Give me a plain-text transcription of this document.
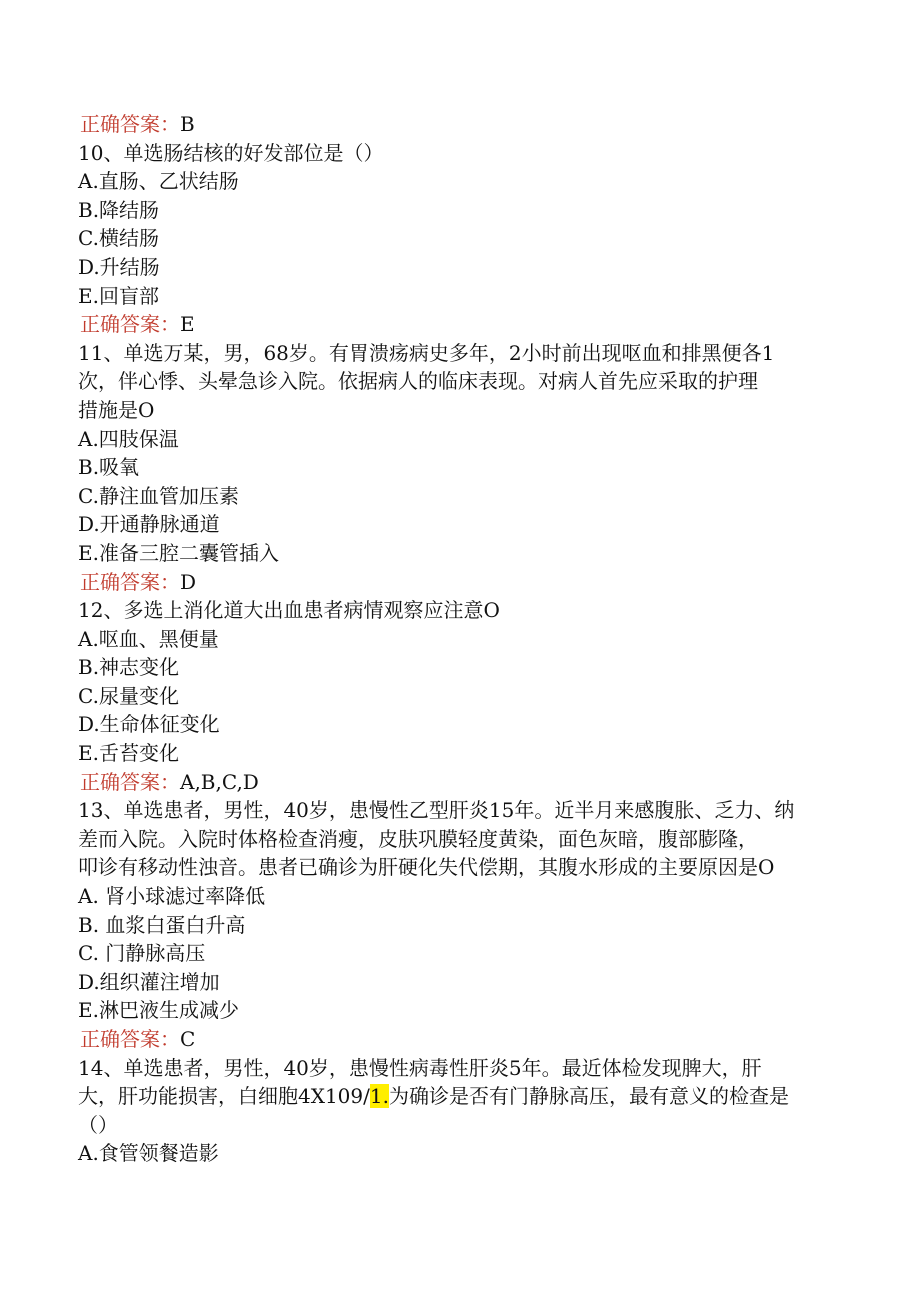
正确答案：B

10、单选肠结核的好发部位是（）

A.直肠、乙状结肠

B.降结肠

C.横结肠

D.升结肠

E.回盲部

正确答案：E

11、单选万某，男，68岁。有胃溃疡病史多年，2小时前出现呕血和排黑便各1

次，伴心悸、头晕急诊入院。依据病人的临床表现。对病人首先应采取的护理

措施是O

A.四肢保温

B.吸氧

C.静注血管加压素

D.开通静脉通道

E.准备三腔二囊管插入

正确答案：D

12、多选上消化道大出血患者病情观察应注意O

A.呕血、黑便量

B.神志变化

C.尿量变化

D.生命体征变化

E.舌苔变化

正确答案：A,B,C,D

13、单选患者，男性，40岁，患慢性乙型肝炎15年。近半月来感腹胀、乏力、纳

差而入院。入院时体格检查消瘦，皮肤巩膜轻度黄染，面色灰暗，腹部膨隆，

叩诊有移动性浊音。患者已确诊为肝硬化失代偿期，其腹水形成的主要原因是O

A. 肾小球滤过率降低

B. 血浆白蛋白升高

C. 门静脉高压

D.组织灌注增加

E.淋巴液生成减少

正确答案：C

14、单选患者，男性，40岁，患慢性病毒性肝炎5年。最近体检发现脾大，肝

大，肝功能损害，白细胞4X109/1.为确诊是否有门静脉高压，最有意义的检查是

（）

A.食管领餐造影
